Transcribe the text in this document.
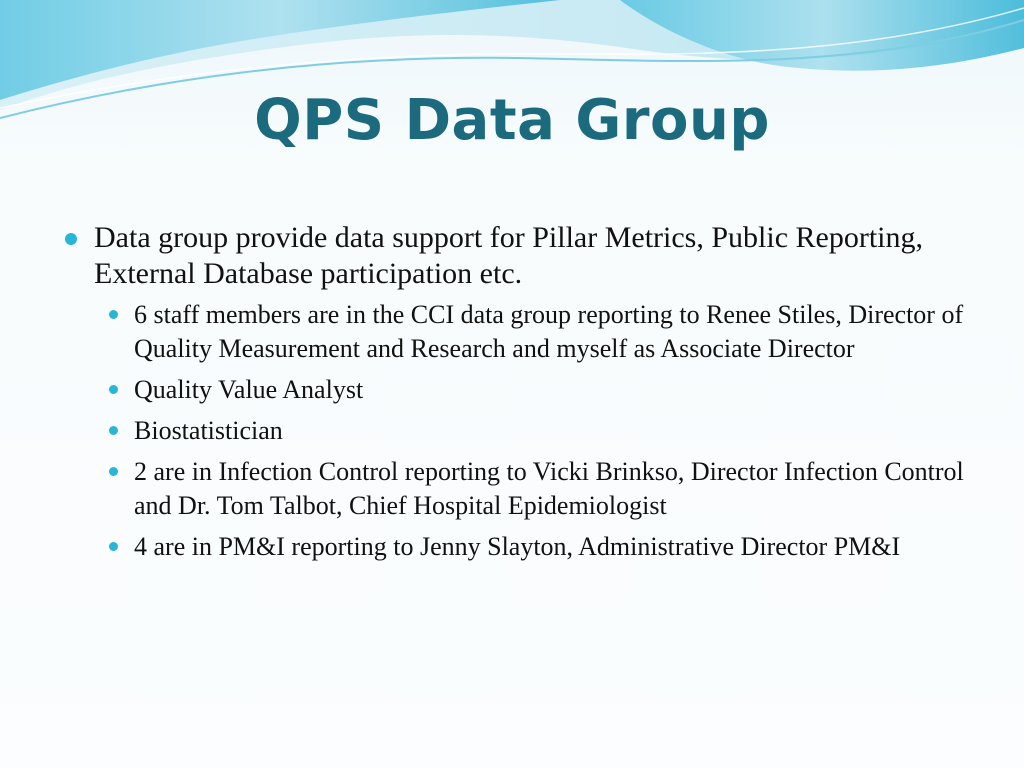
QPS Data Group
Data group provide data support for Pillar Metrics, Public Reporting, External Database participation etc.
6 staff members are in the CCI data group reporting to Renee Stiles, Director of Quality Measurement and Research and myself as Associate Director
Quality Value Analyst
Biostatistician
2 are in Infection Control reporting to Vicki Brinkso, Director Infection Control and Dr. Tom Talbot, Chief Hospital Epidemiologist
4 are in PM&I reporting to Jenny Slayton, Administrative Director PM&I
